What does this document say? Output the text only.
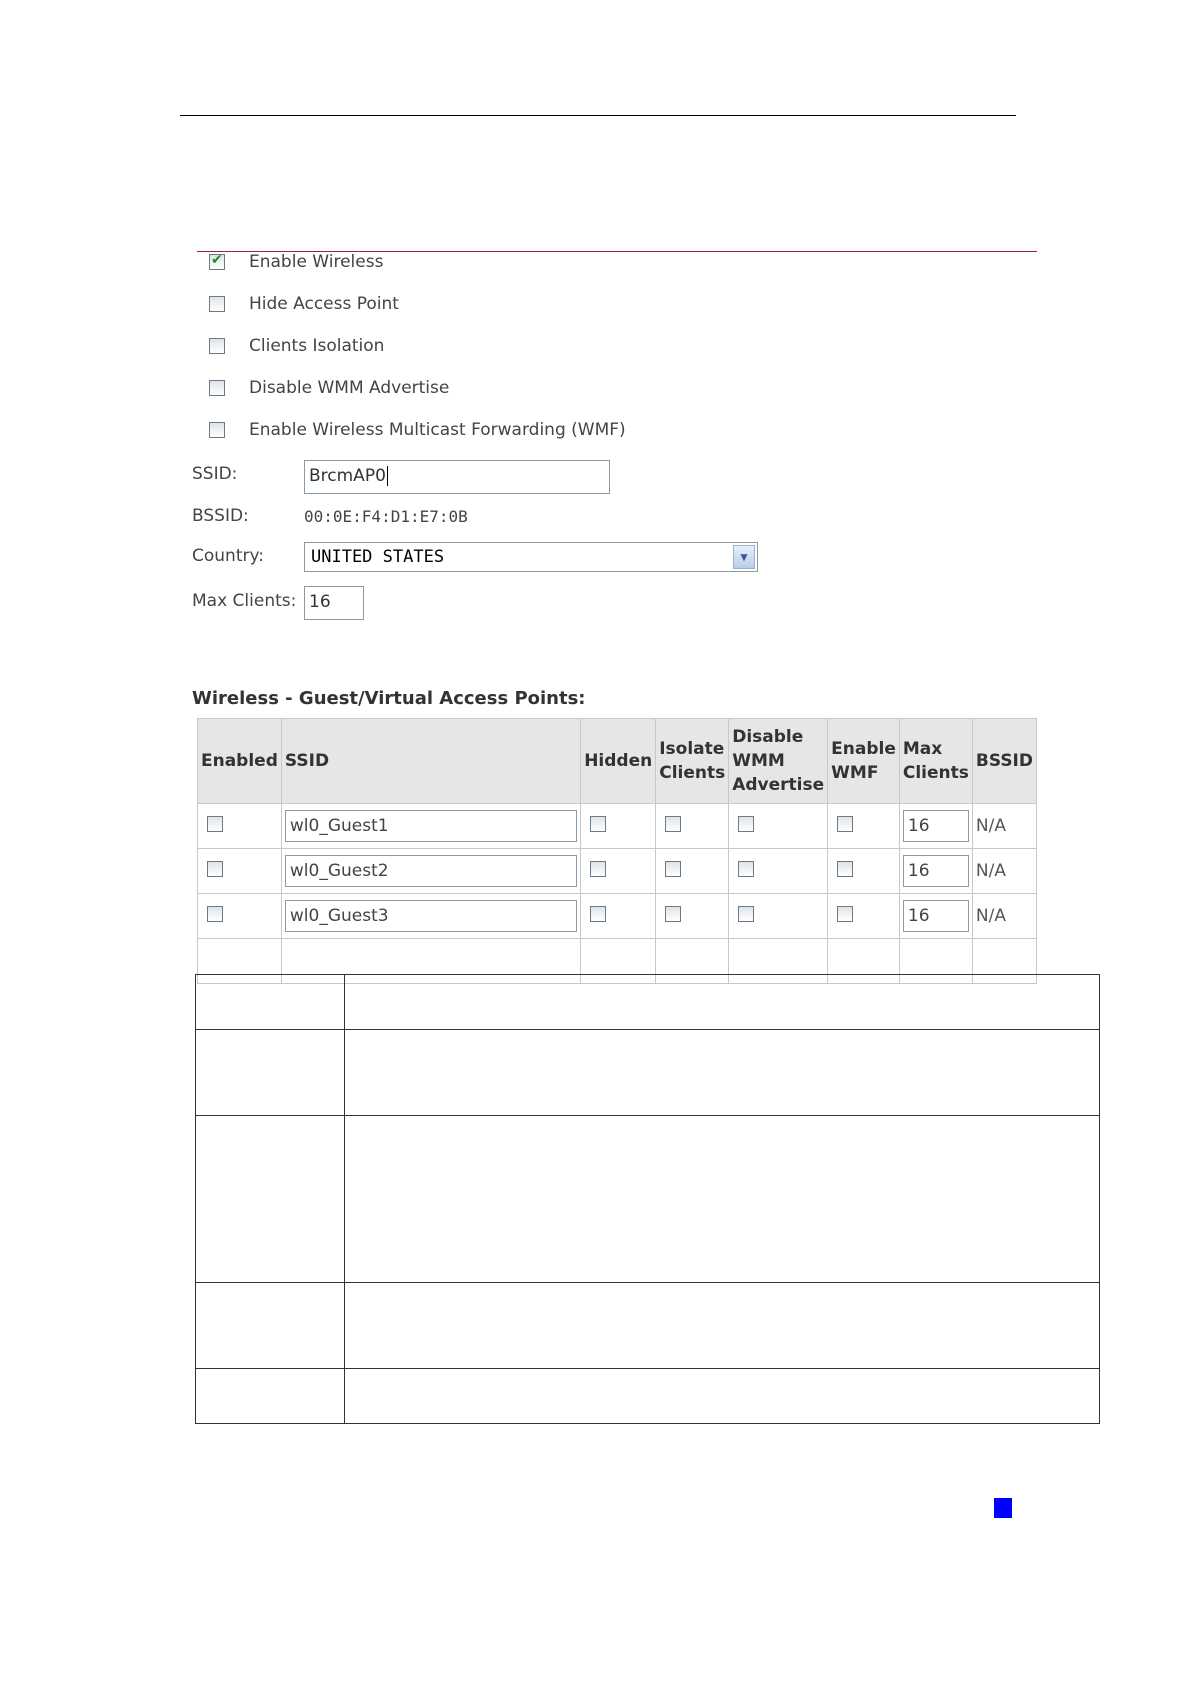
✔
Enable Wireless
Hide Access Point
Clients Isolation
Disable WMM Advertise
Enable Wireless Multicast Forwarding (WMF)
SSID:	BrcmAP0
BSSID:	00:0E:F4:D1:E7:0B
Country:	UNITED STATES	▼
Max Clients: 16
Wireless - Guest/Virtual Access Points:
Enabled	SSID	Hidden	Isolate Clients	Disable WMM Advertise	Enable WMF	Max Clients	BSSID

	wl0_Guest1					16	N/A

	wl0_Guest2					16	N/A

	wl0_Guest3					16	N/A
